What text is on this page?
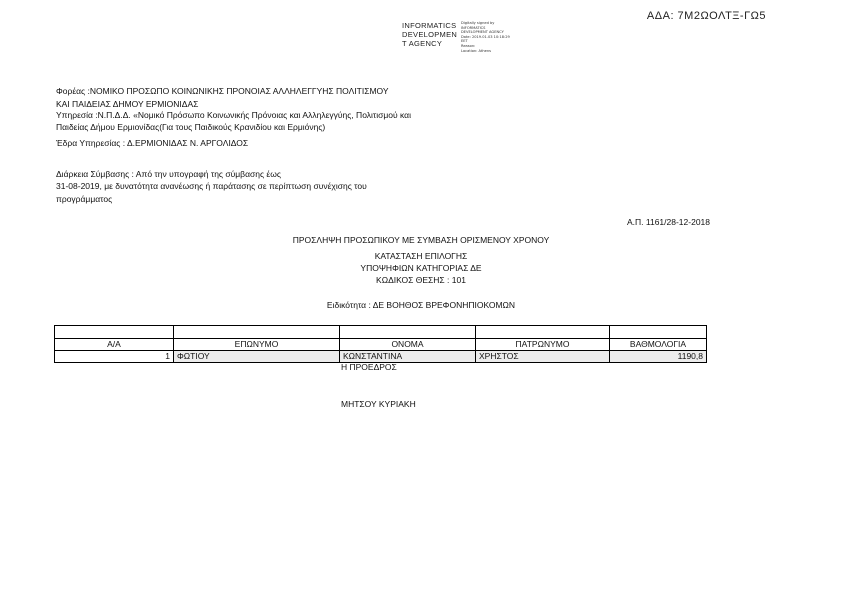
ΑΔΑ: 7Μ2ΩΟΛΤΞ-ΓΩ5
INFORMATICS
DEVELOPMEN
T AGENCY
Digitally signed by
INFORMATICS
DEVELOPMENT AGENCY
Date: 2019.01.03 10:18:29
EET
Reason:
Location: Athens
Φορέας :ΝΟΜΙΚΟ ΠΡΟΣΩΠΟ ΚΟΙΝΩΝΙΚΗΣ ΠΡΟΝΟΙΑΣ ΑΛΛΗΛΕΓΓΥΗΣ ΠΟΛΙΤΙΣΜΟΥ
ΚΑΙ ΠΑΙΔΕΙΑΣ ΔΗΜΟΥ ΕΡΜΙΟΝΙΔΑΣ
Υπηρεσία :Ν.Π.Δ.Δ. «Νομικό Πρόσωπο Κοινωνικής Πρόνοιας και Αλληλεγγύης, Πολιτισμού και
Παιδείας Δήμου Ερμιονίδας(Για τους Παιδικούς Κρανιδίου και Ερμιόνης)
Έδρα Υπηρεσίας : Δ.ΕΡΜΙΟΝΙΔΑΣ Ν. ΑΡΓΟΛΙΔΟΣ
Διάρκεια Σύμβασης : Από την υπογραφή της σύμβασης έως
31-08-2019, με δυνατότητα ανανέωσης ή παράτασης σε περίπτωση συνέχισης του
προγράμματος
Α.Π. 1161/28-12-2018
ΠΡΟΣΛΗΨΗ ΠΡΟΣΩΠΙΚΟΥ ΜΕ ΣΥΜΒΑΣΗ ΟΡΙΣΜΕΝΟΥ ΧΡΟΝΟΥ
ΚΑΤΑΣΤΑΣΗ ΕΠΙΛΟΓΗΣ
ΥΠΟΨΗΦΙΩΝ ΚΑΤΗΓΟΡΙΑΣ ΔΕ
ΚΩΔΙΚΟΣ ΘΕΣΗΣ : 101
Ειδικότητα : ΔΕ ΒΟΗΘΟΣ ΒΡΕΦΟΝΗΠΙΟΚΟΜΩΝ

Α/Α	ΕΠΩΝΥΜΟ	ΟΝΟΜΑ	ΠΑΤΡΩΝΥΜΟ	ΒΑΘΜΟΛΟΓΙΑ
1	ΦΩΤΙΟΥ	ΚΩΝΣΤΑΝΤΙΝΑ	ΧΡΗΣΤΟΣ	1190,8
Η ΠΡΟΕΔΡΟΣ
ΜΗΤΣΟΥ ΚΥΡΙΑΚΗ
